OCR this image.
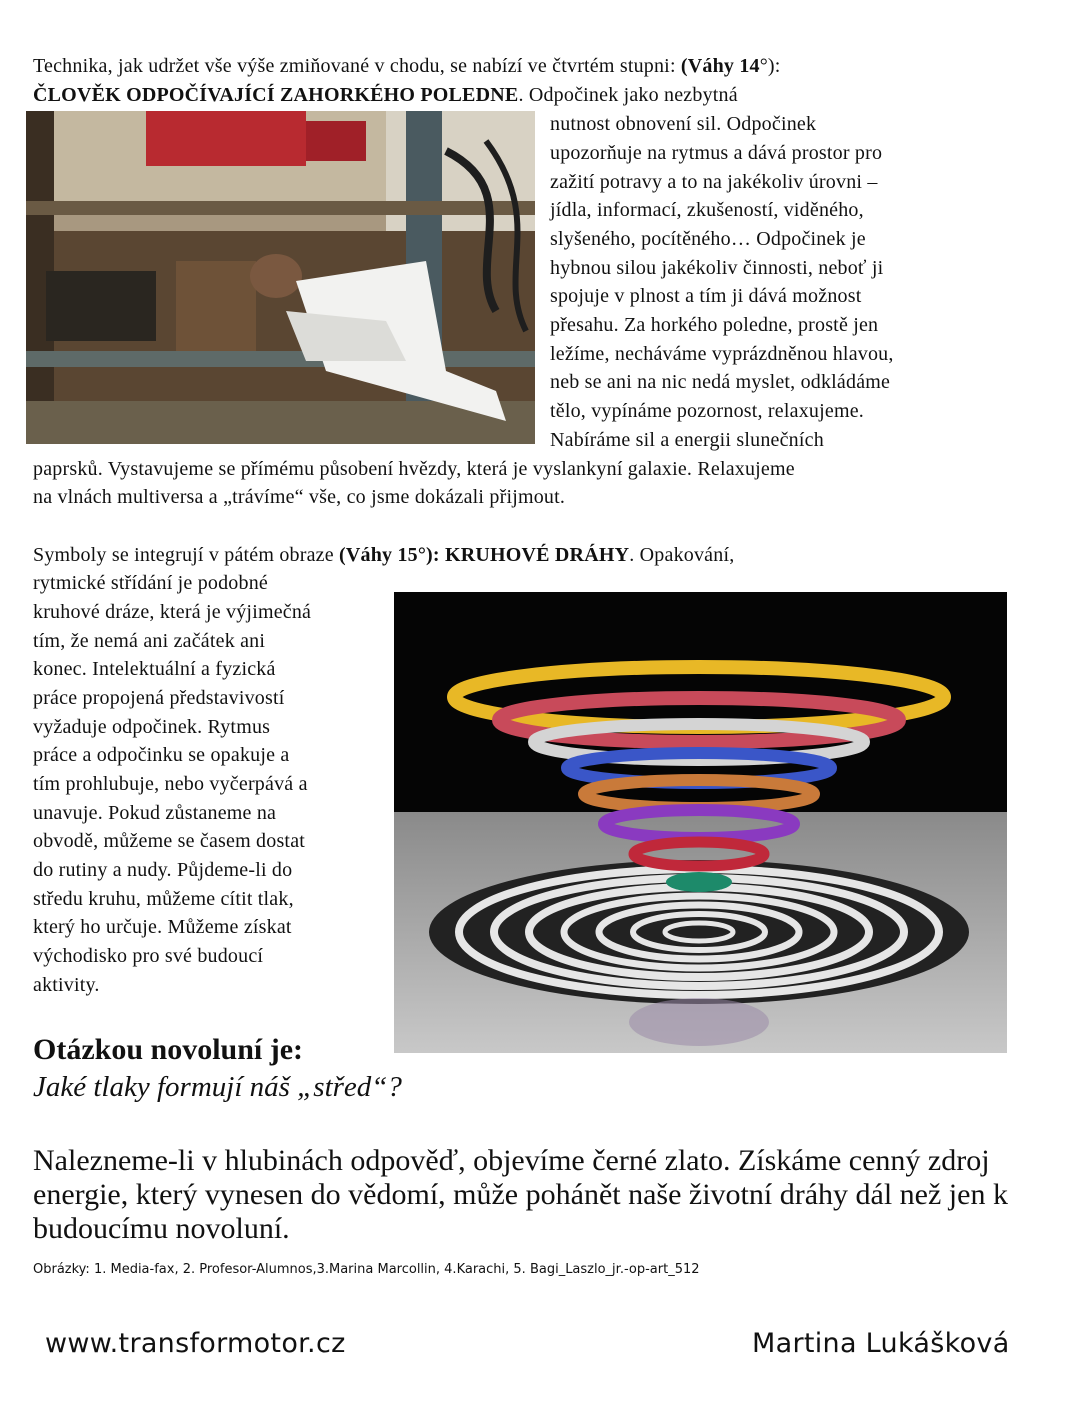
Technika, jak udržet vše výše zmiňované v chodu, se nabízí ve čtvrtém stupni: (Váhy 14°):
ČLOVĚK ODPOČÍVAJÍCÍ ZAHORKÉHO POLEDNE. Odpočinek jako nezbytná
nutnost obnovení sil. Odpočinek
upozorňuje na rytmus a dává prostor pro
zažití potravy a to na jakékoliv úrovni –
jídla, informací, zkušeností, viděného,
slyšeného, pocítěného… Odpočinek je
hybnou silou jakékoliv činnosti, neboť ji
spojuje v plnost a tím ji dává možnost
přesahu. Za horkého poledne, prostě jen
ležíme, necháváme vyprázdněnou hlavou,
neb se ani na nic nedá myslet, odkládáme
tělo, vypínáme pozornost, relaxujeme.
Nabíráme sil a energii slunečních
paprsků. Vystavujeme se přímému působení hvězdy, která je vyslankyní galaxie. Relaxujeme
na vlnách multiversa a „trávíme“ vše, co jsme dokázali přijmout.
Symboly se integrují v pátém obraze (Váhy 15°): KRUHOVÉ DRÁHY. Opakování,
rytmické střídání je podobné
kruhové dráze, která je výjimečná
tím, že nemá ani začátek ani
konec. Intelektuální a fyzická
práce propojená představivostí
vyžaduje odpočinek. Rytmus
práce a odpočinku se opakuje a
tím prohlubuje, nebo vyčerpává a
unavuje. Pokud zůstaneme na
obvodě, můžeme se časem dostat
do rutiny a nudy. Půjdeme-li do
středu kruhu, můžeme cítit tlak,
který ho určuje. Můžeme získat
východisko pro své budoucí
aktivity.
Otázkou novoluní je:
Jaké tlaky formují náš „střed“?
Nalezneme-li v hlubinách odpověď, objevíme černé zlato. Získáme cenný zdroj energie, který vynesen do vědomí, může pohánět naše životní dráhy dál než jen k budoucímu novoluní.
Obrázky: 1. Media-fax, 2. Profesor-Alumnos,3.Marina Marcollin, 4.Karachi, 5. Bagi_Laszlo_jr.-op-art_512
www.transformotor.cz	Martina Lukášková
